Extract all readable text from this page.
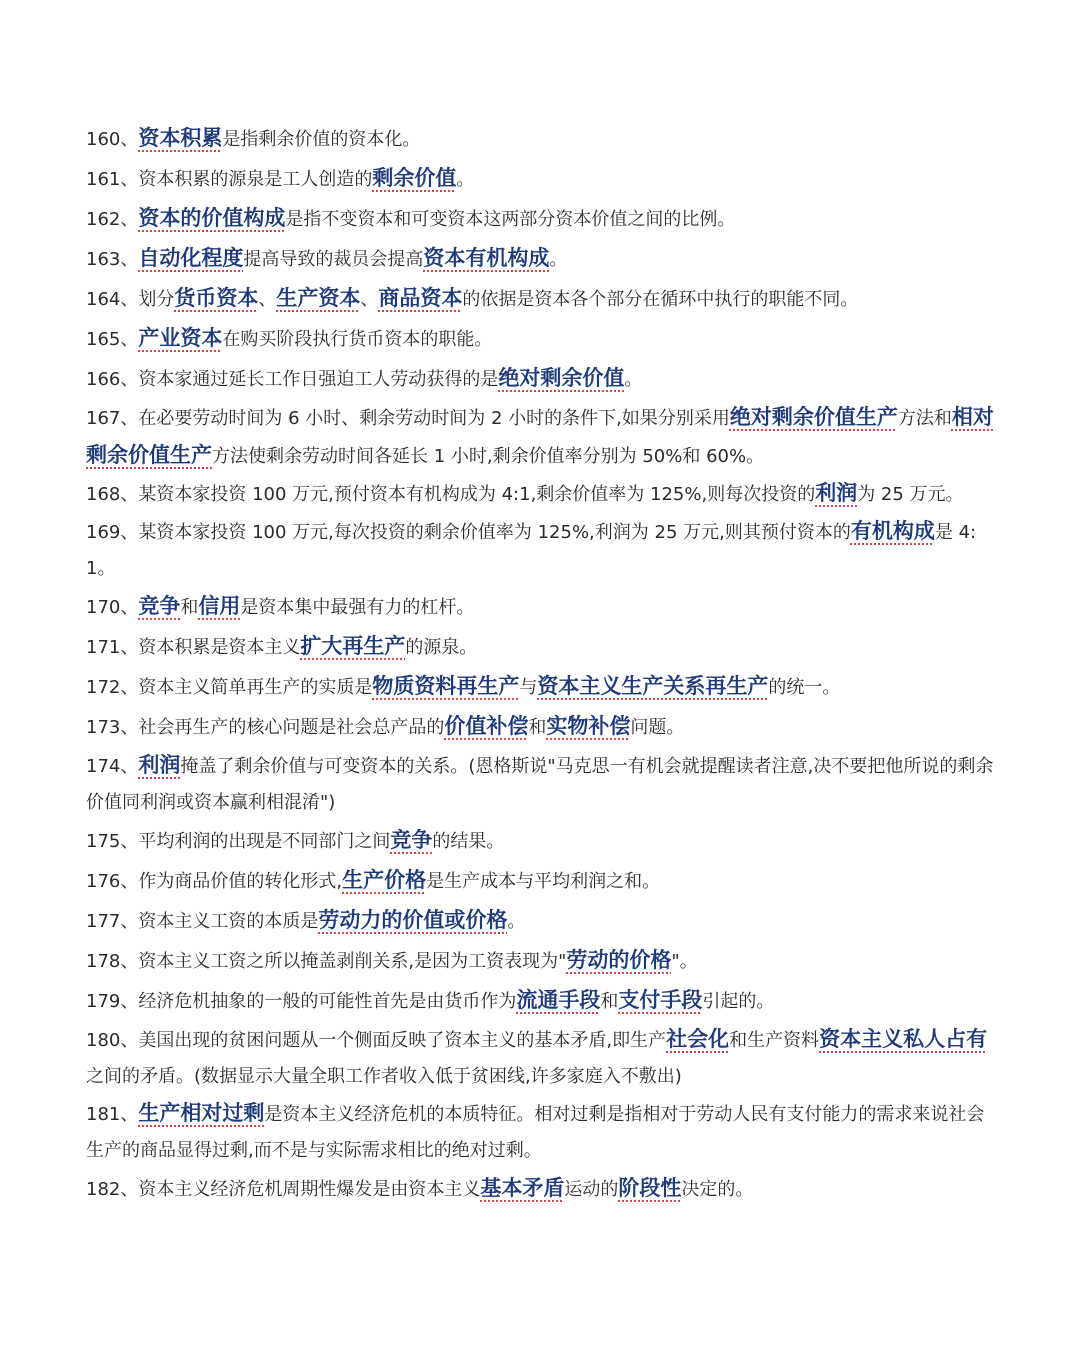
160、资本积累是指剩余价值的资本化。

161、资本积累的源泉是工人创造的剩余价值。

162、资本的价值构成是指不变资本和可变资本这两部分资本价值之间的比例。

163、自动化程度提高导致的裁员会提高资本有机构成。

164、划分货币资本、生产资本、商品资本的依据是资本各个部分在循环中执行的职能不同。

165、产业资本在购买阶段执行货币资本的职能。

166、资本家通过延长工作日强迫工人劳动获得的是绝对剩余价值。

167、在必要劳动时间为 6 小时、剩余劳动时间为 2 小时的条件下,如果分别采用绝对剩余价值生产方法和相对剩余价值生产方法使剩余劳动时间各延长 1 小时,剩余价值率分别为 50%和 60%。

168、某资本家投资 100 万元,预付资本有机构成为 4:1,剩余价值率为 125%,则每次投资的利润为 25 万元。

169、某资本家投资 100 万元,每次投资的剩余价值率为 125%,利润为 25 万元,则其预付资本的有机构成是 4:1。

170、竞争和信用是资本集中最强有力的杠杆。

171、资本积累是资本主义扩大再生产的源泉。

172、资本主义简单再生产的实质是物质资料再生产与资本主义生产关系再生产的统一。

173、社会再生产的核心问题是社会总产品的价值补偿和实物补偿问题。

174、利润掩盖了剩余价值与可变资本的关系。(恩格斯说"马克思一有机会就提醒读者注意,决不要把他所说的剩余价值同利润或资本赢利相混淆")

175、平均利润的出现是不同部门之间竞争的结果。

176、作为商品价值的转化形式,生产价格是生产成本与平均利润之和。

177、资本主义工资的本质是劳动力的价值或价格。

178、资本主义工资之所以掩盖剥削关系,是因为工资表现为"劳动的价格"。

179、经济危机抽象的一般的可能性首先是由货币作为流通手段和支付手段引起的。

180、美国出现的贫困问题从一个侧面反映了资本主义的基本矛盾,即生产社会化和生产资料资本主义私人占有之间的矛盾。(数据显示大量全职工作者收入低于贫困线,许多家庭入不敷出)

181、生产相对过剩是资本主义经济危机的本质特征。相对过剩是指相对于劳动人民有支付能力的需求来说社会生产的商品显得过剩,而不是与实际需求相比的绝对过剩。

182、资本主义经济危机周期性爆发是由资本主义基本矛盾运动的阶段性决定的。
